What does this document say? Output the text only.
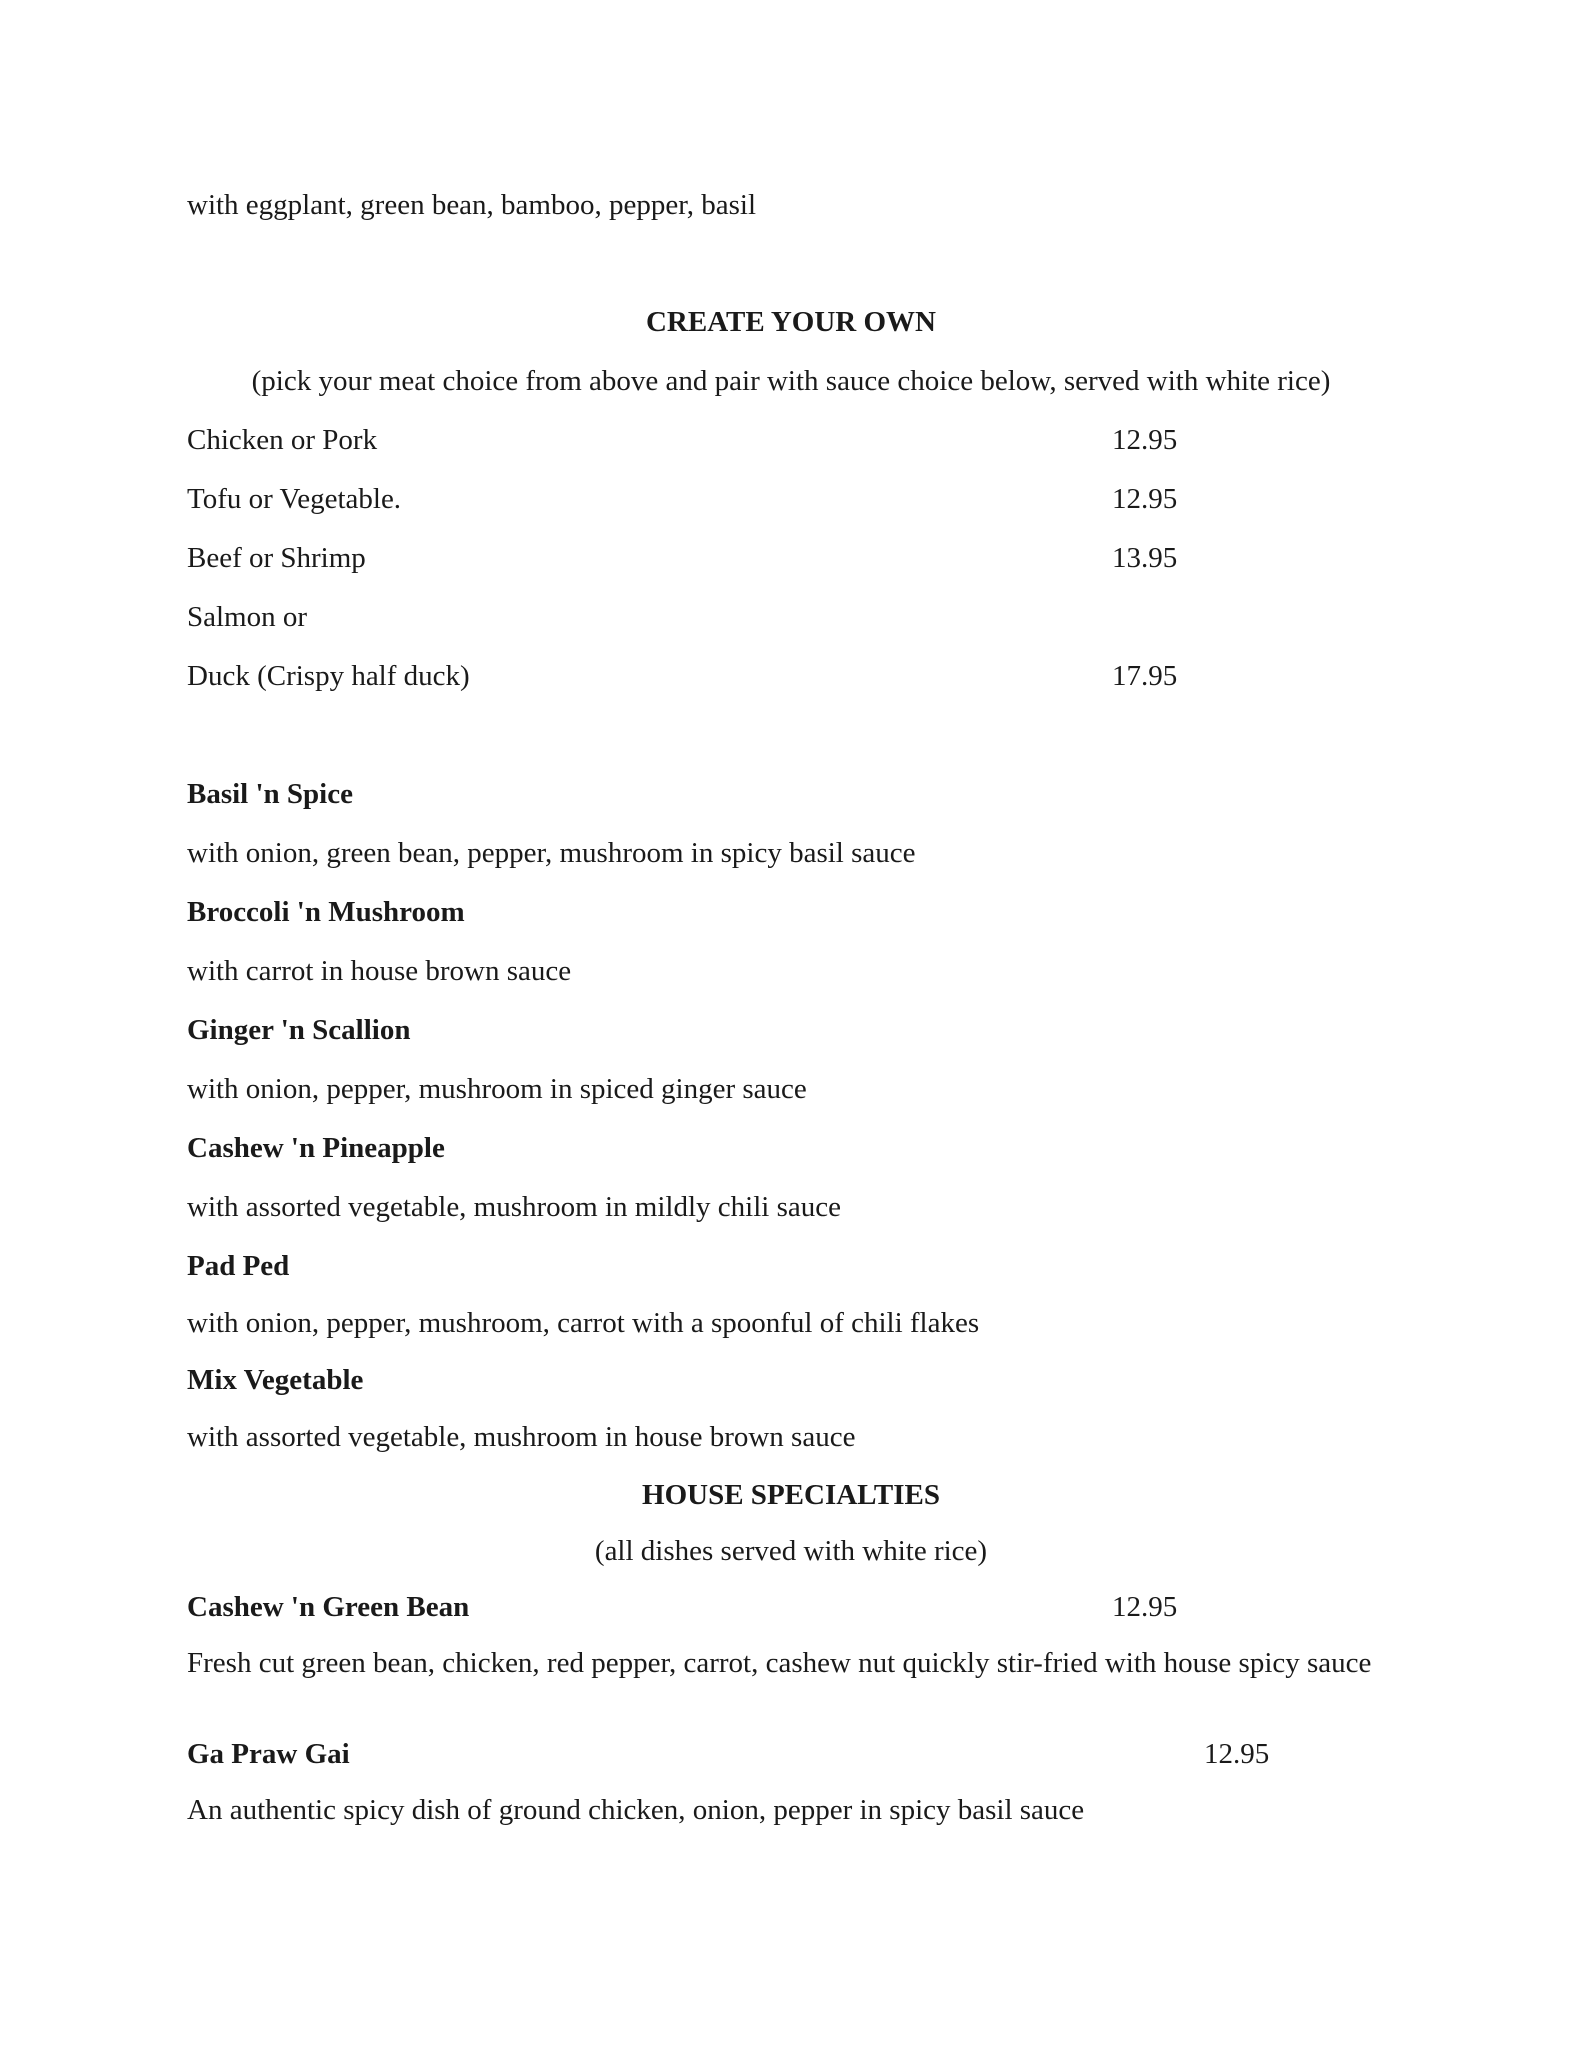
with eggplant, green bean, bamboo, pepper, basil
CREATE YOUR OWN
(pick your meat choice from above and pair with sauce choice below, served with white rice)
Chicken or Pork	12.95
Tofu or Vegetable.	12.95
Beef or Shrimp	13.95
Salmon or
Duck (Crispy half duck)	17.95
Basil 'n Spice
with onion, green bean, pepper, mushroom in spicy basil sauce
Broccoli 'n Mushroom
with carrot in house brown sauce
Ginger 'n Scallion
with onion, pepper, mushroom in spiced ginger sauce
Cashew 'n Pineapple
with assorted vegetable, mushroom in mildly chili sauce
Pad Ped
with onion, pepper, mushroom, carrot with a spoonful of chili flakes
Mix Vegetable
with assorted vegetable, mushroom in house brown sauce
HOUSE SPECIALTIES
(all dishes served with white rice)
Cashew 'n Green Bean	12.95
Fresh cut green bean, chicken, red pepper, carrot, cashew nut quickly stir-fried with house spicy sauce
Ga Praw Gai	12.95
An authentic spicy dish of ground chicken, onion, pepper in spicy basil sauce
